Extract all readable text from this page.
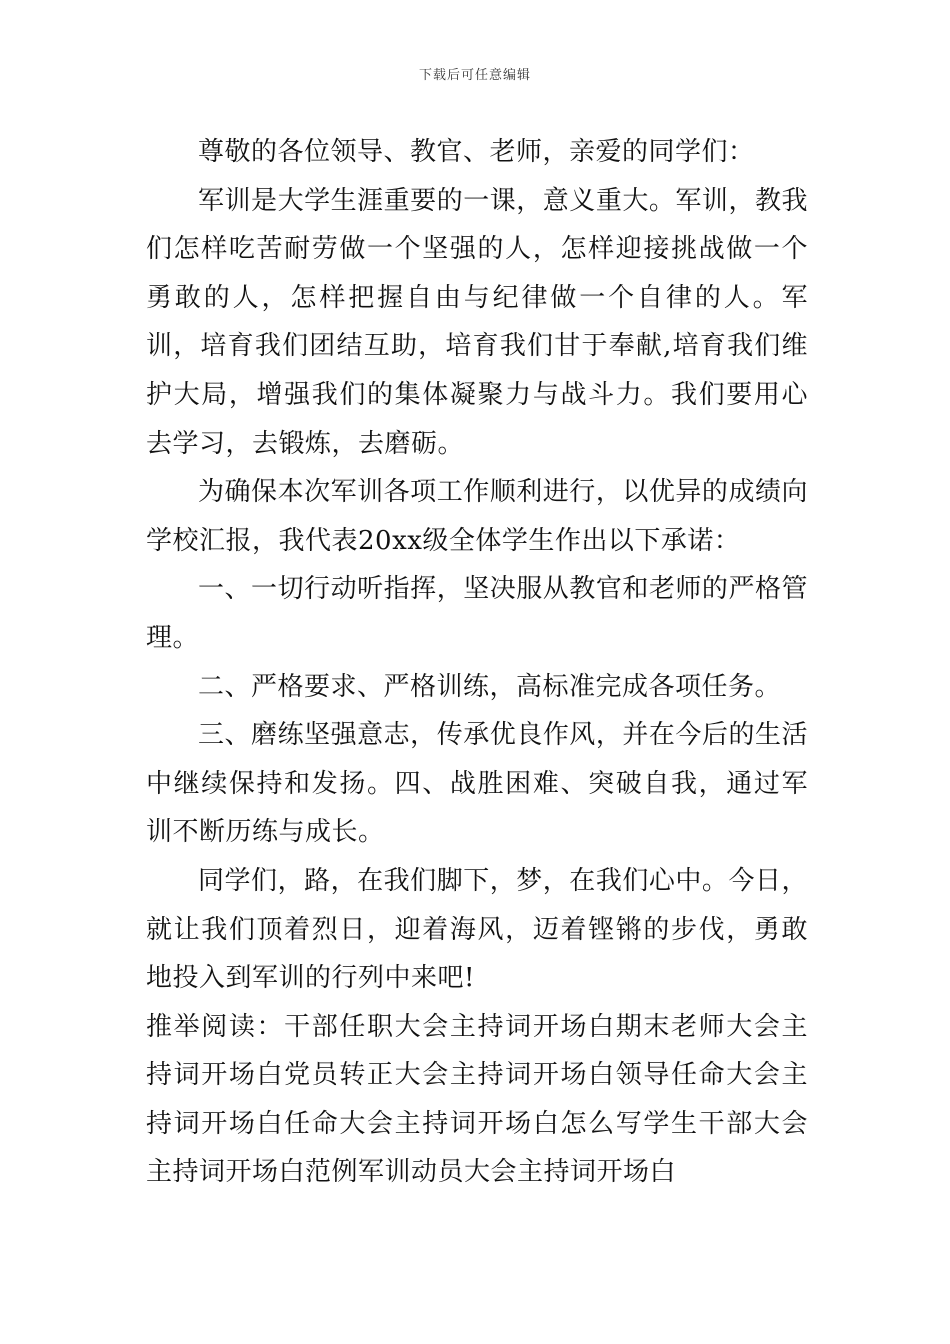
下载后可任意编辑

尊敬的各位领导、教官、老师，亲爱的同学们：

军训是大学生涯重要的一课，意义重大。军训，教我们怎样吃苦耐劳做一个坚强的人，怎样迎接挑战做一个勇敢的人，怎样把握自由与纪律做一个自律的人。军训，培育我们团结互助，培育我们甘于奉献,培育我们维护大局，增强我们的集体凝聚力与战斗力。我们要用心去学习，去锻炼，去磨砺。

为确保本次军训各项工作顺利进行，以优异的成绩向学校汇报，我代表20xx级全体学生作出以下承诺：

一、一切行动听指挥，坚决服从教官和老师的严格管理。

二、严格要求、严格训练，高标准完成各项任务。

三、磨练坚强意志，传承优良作风，并在今后的生活中继续保持和发扬。四、战胜困难、突破自我，通过军训不断历练与成长。

同学们，路，在我们脚下，梦，在我们心中。今日，就让我们顶着烈日，迎着海风，迈着铿锵的步伐，勇敢地投入到军训的行列中来吧!

推举阅读：干部任职大会主持词开场白期末老师大会主持词开场白党员转正大会主持词开场白领导任命大会主持词开场白任命大会主持词开场白怎么写学生干部大会主持词开场白范例军训动员大会主持词开场白
